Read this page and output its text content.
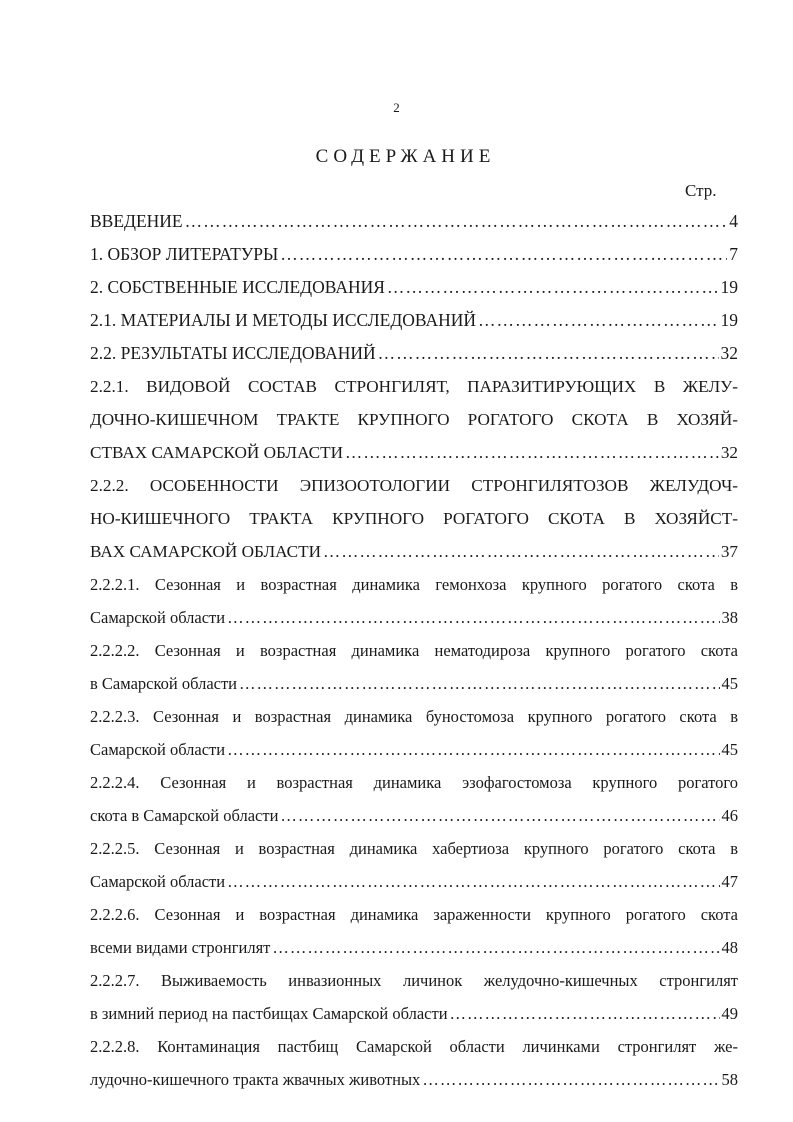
2
СОДЕРЖАНИЕ
Стр.
ВВЕДЕНИЕ ……………………………………………………………………………………………………………………………………………………	4
1. ОБЗОР ЛИТЕРАТУРЫ ……………………………………………………………………………………………………………………………………………………	7
2. СОБСТВЕННЫЕ ИССЛЕДОВАНИЯ ……………………………………………………………………………………………………………………………………………………	19
2.1. МАТЕРИАЛЫ И МЕТОДЫ ИССЛЕДОВАНИЙ ……………………………………………………………………………………………………………………………………………………	19
2.2. РЕЗУЛЬТАТЫ ИССЛЕДОВАНИЙ ……………………………………………………………………………………………………………………………………………………	32
2.2.1. ВИДОВОЙ СОСТАВ СТРОНГИЛЯТ, ПАРАЗИТИРУЮЩИХ В ЖЕЛУ-
ДОЧНО-КИШЕЧНОМ ТРАКТЕ КРУПНОГО РОГАТОГО СКОТА В ХОЗЯЙ-
СТВАХ САМАРСКОЙ ОБЛАСТИ ……………………………………………………………………………………………………………………………………………………	32
2.2.2. ОСОБЕННОСТИ ЭПИЗООТОЛОГИИ СТРОНГИЛЯТОЗОВ ЖЕЛУДОЧ-
НО-КИШЕЧНОГО ТРАКТА КРУПНОГО РОГАТОГО СКОТА В ХОЗЯЙСТ-
ВАХ САМАРСКОЙ ОБЛАСТИ ……………………………………………………………………………………………………………………………………………………	37
2.2.2.1. Сезонная и возрастная динамика гемонхоза крупного рогатого скота в
Самарской области ……………………………………………………………………………………………………………………………………………………	38
2.2.2.2. Сезонная и возрастная динамика нематодироза крупного рогатого скота
в Самарской области ……………………………………………………………………………………………………………………………………………………	45
2.2.2.3. Сезонная и возрастная динамика буностомоза крупного рогатого скота в
Самарской области ……………………………………………………………………………………………………………………………………………………	45
2.2.2.4. Сезонная и возрастная динамика эзофагостомоза крупного рогатого
скота в Самарской области ……………………………………………………………………………………………………………………………………………………	46
2.2.2.5. Сезонная и возрастная динамика хабертиоза крупного рогатого скота в
Самарской области ……………………………………………………………………………………………………………………………………………………	47
2.2.2.6. Сезонная и возрастная динамика зараженности крупного рогатого скота
всеми видами стронгилят ……………………………………………………………………………………………………………………………………………………	48
2.2.2.7. Выживаемость инвазионных личинок желудочно-кишечных стронгилят
в зимний период на пастбищах Самарской области ……………………………………………………………………………………………………………………………………………………	49
2.2.2.8. Контаминация пастбищ Самарской области личинками стронгилят же-
лудочно-кишечного тракта жвачных животных ……………………………………………………………………………………………………………………………………………………	58
